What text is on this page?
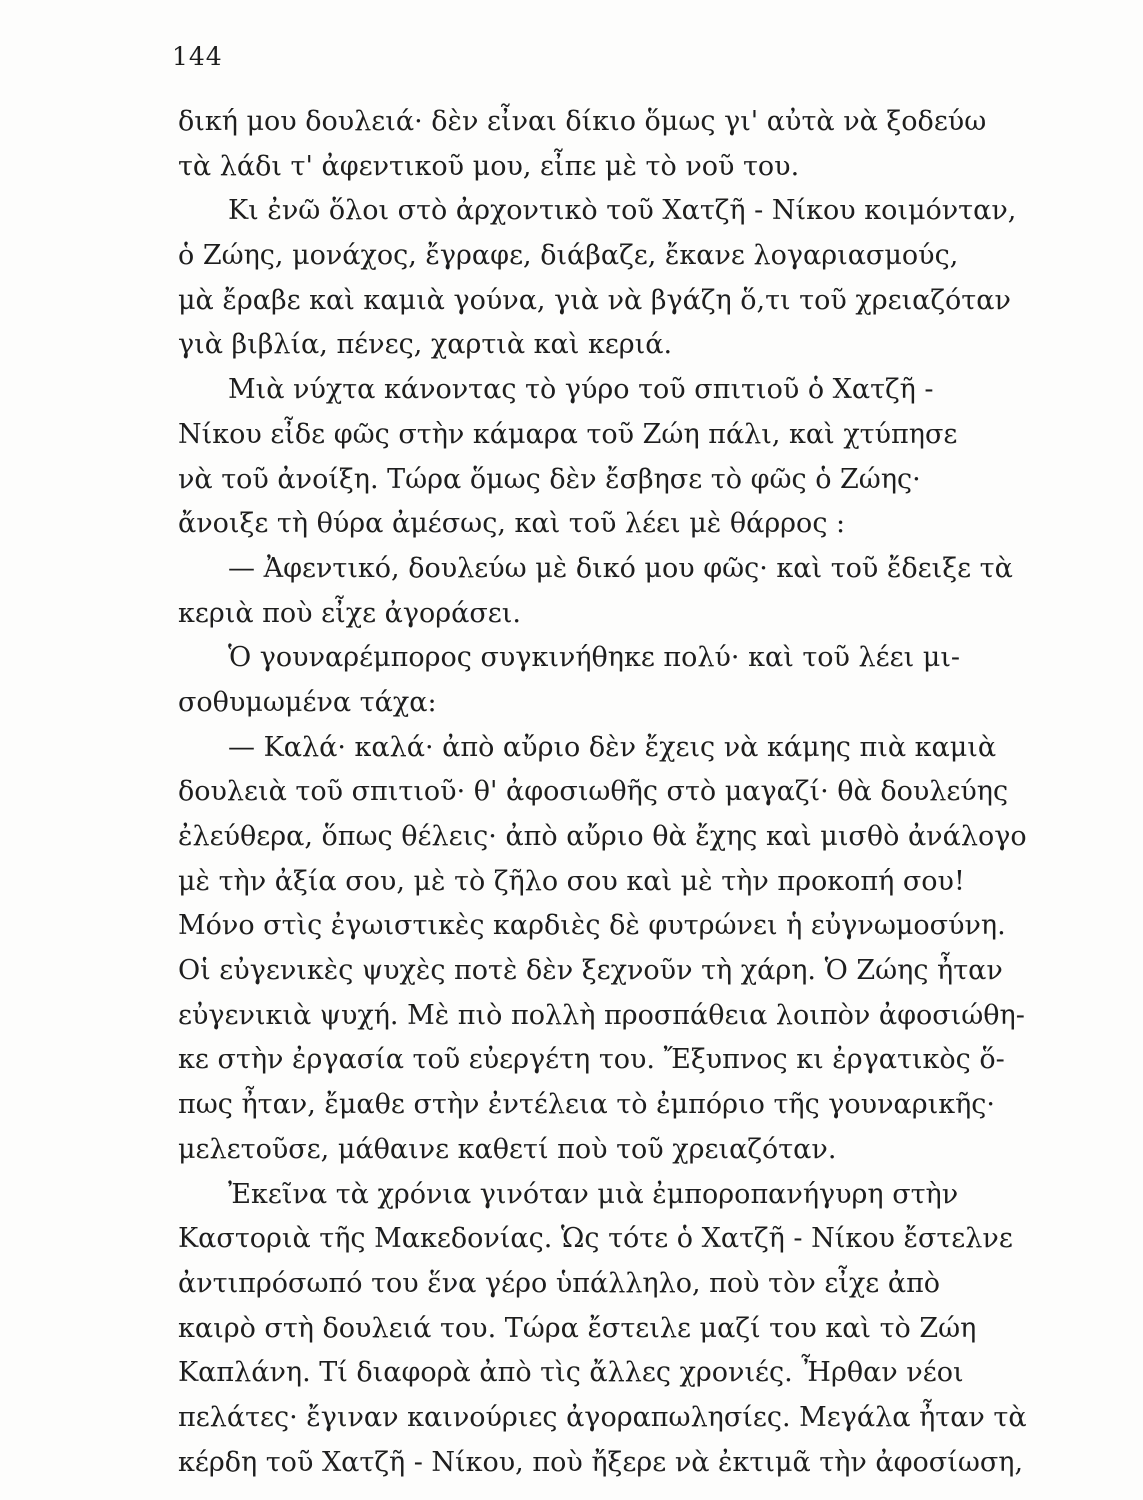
144
δική μου δουλειά· δὲν εἶναι δίκιο ὅμως γι' αὐτὰ νὰ ξοδεύω
τὰ λάδι τ' ἀφεντικοῦ μου, εἶπε μὲ τὸ νοῦ του.
Κι ἐνῶ ὅλοι στὸ ἀρχοντικὸ τοῦ Χατζῆ - Νίκου κοιμόνταν,
ὁ Ζώης, μονάχος, ἔγραφε, διάβαζε, ἔκανε λογαριασμούς,
μὰ ἔραβε καὶ καμιὰ γούνα, γιὰ νὰ βγάζη ὅ,τι τοῦ χρειαζόταν
γιὰ βιβλία, πένες, χαρτιὰ καὶ κεριά.
Μιὰ νύχτα κάνοντας τὸ γύρο τοῦ σπιτιοῦ ὁ Χατζῆ -
Νίκου εἶδε φῶς στὴν κάμαρα τοῦ Ζώη πάλι, καὶ χτύπησε
νὰ τοῦ ἀνοίξη. Τώρα ὅμως δὲν ἔσβησε τὸ φῶς ὁ Ζώης·
ἄνοιξε τὴ θύρα ἀμέσως, καὶ τοῦ λέει μὲ θάρρος :
— Ἀφεντικό, δουλεύω μὲ δικό μου φῶς· καὶ τοῦ ἔδειξε τὰ
κεριὰ ποὺ εἶχε ἀγοράσει.
Ὁ γουναρέμπορος συγκινήθηκε πολύ· καὶ τοῦ λέει μι-
σοθυμωμένα τάχα:
— Καλά· καλά· ἀπὸ αὔριο δὲν ἔχεις νὰ κάμης πιὰ καμιὰ
δουλειὰ τοῦ σπιτιοῦ· θ' ἀφοσιωθῆς στὸ μαγαζί· θὰ δουλεύης
ἐλεύθερα, ὅπως θέλεις· ἀπὸ αὔριο θὰ ἔχης καὶ μισθὸ ἀνάλογο
μὲ τὴν ἀξία σου, μὲ τὸ ζῆλο σου καὶ μὲ τὴν προκοπή σου!
Μόνο στὶς ἐγωιστικὲς καρδιὲς δὲ φυτρώνει ἡ εὐγνωμοσύνη.
Οἱ εὐγενικὲς ψυχὲς ποτὲ δὲν ξεχνοῦν τὴ χάρη. Ὁ Ζώης ἦταν
εὐγενικιὰ ψυχή. Μὲ πιὸ πολλὴ προσπάθεια λοιπὸν ἀφοσιώθη-
κε στὴν ἐργασία τοῦ εὐεργέτη του. Ἔξυπνος κι ἐργατικὸς ὅ-
πως ἦταν, ἔμαθε στὴν ἐντέλεια τὸ ἐμπόριο τῆς γουναρικῆς·
μελετοῦσε, μάθαινε καθετί ποὺ τοῦ χρειαζόταν.
Ἐκεῖνα τὰ χρόνια γινόταν μιὰ ἐμποροπανήγυρη στὴν
Καστοριὰ τῆς Μακεδονίας. Ὡς τότε ὁ Χατζῆ - Νίκου ἔστελνε
ἀντιπρόσωπό του ἕνα γέρο ὑπάλληλο, ποὺ τὸν εἶχε ἀπὸ
καιρὸ στὴ δουλειά του. Τώρα ἔστειλε μαζί του καὶ τὸ Ζώη
Καπλάνη. Τί διαφορὰ ἀπὸ τὶς ἄλλες χρονιές. Ἦρθαν νέοι
πελάτες· ἔγιναν καινούριες ἀγοραπωλησίες. Μεγάλα ἦταν τὰ
κέρδη τοῦ Χατζῆ - Νίκου, ποὺ ἤξερε νὰ ἐκτιμᾶ τὴν ἀφοσίωση,
